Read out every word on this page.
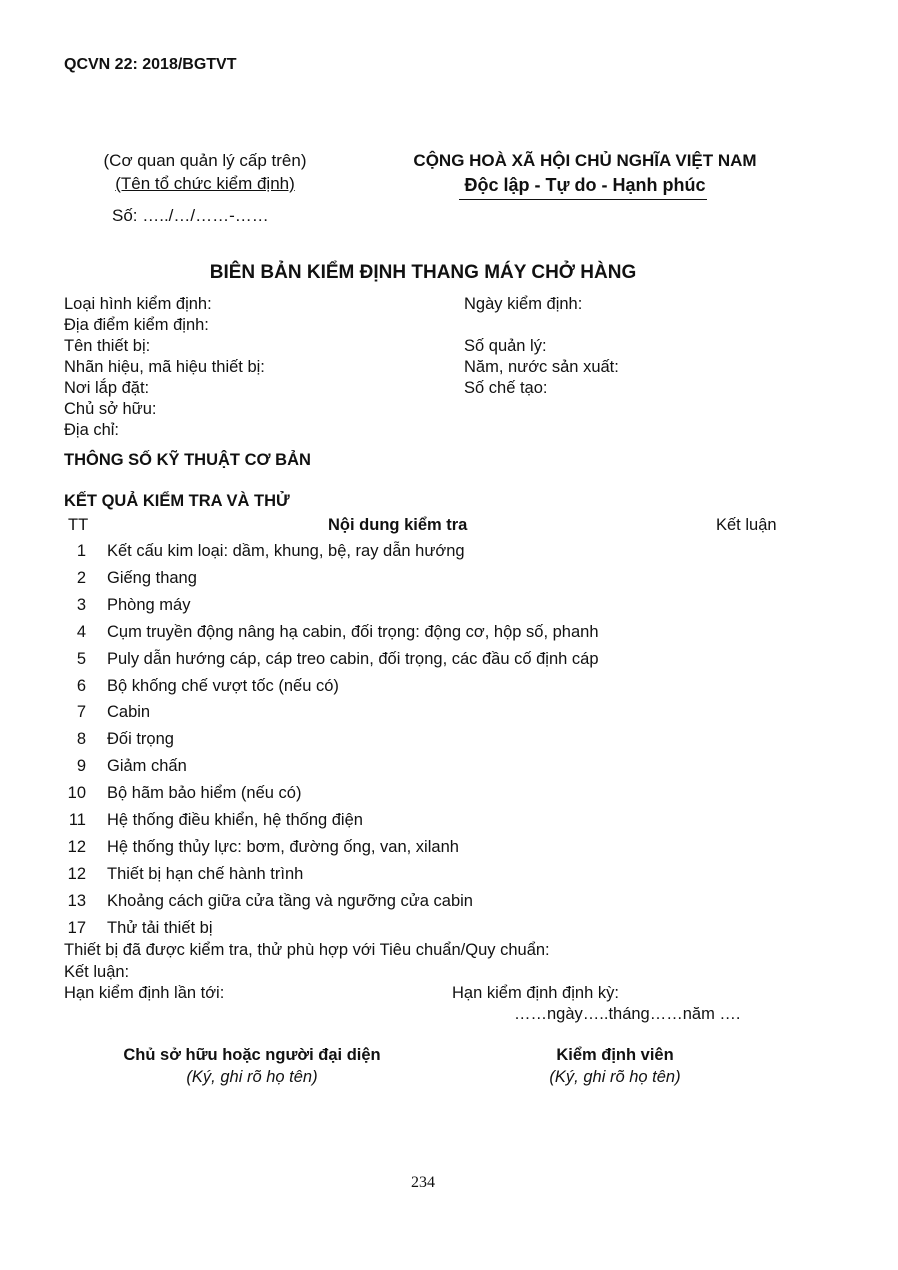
QCVN 22: 2018/BGTVT
(Cơ quan quản lý cấp trên)
(Tên tổ chức kiểm định)
Số: …../…/……-……
CỘNG HOÀ XÃ HỘI CHỦ NGHĨA VIỆT NAM
Độc lập - Tự do - Hạnh phúc
BIÊN BẢN KIỂM ĐỊNH THANG MÁY CHỞ HÀNG
Loại hình kiểm định:	Ngày kiểm định:
Địa điểm kiểm định:
Tên thiết bị:	Số quản lý:
Nhãn hiệu, mã hiệu thiết bị:	Năm, nước sản xuất:
Nơi lắp đặt:	Số chế tạo:
Chủ sở hữu:
Địa chỉ:
THÔNG SỐ KỸ THUẬT CƠ BẢN
KẾT QUẢ KIỂM TRA VÀ THỬ
TT	Nội dung kiểm tra	Kết luận
1 Kết cấu kim loại: dầm, khung, bệ, ray dẫn hướng
2 Giếng thang
3 Phòng máy
4 Cụm truyền động nâng hạ cabin, đối trọng: động cơ, hộp số, phanh
5 Puly dẫn hướng cáp, cáp treo cabin, đối trọng, các đầu cố định cáp
6 Bộ khống chế vượt tốc (nếu có)
7 Cabin
8 Đối trọng
9 Giảm chấn
10 Bộ hãm bảo hiểm (nếu có)
11 Hệ thống điều khiển, hệ thống điện
12 Hệ thống thủy lực: bơm, đường ống, van, xilanh
12 Thiết bị hạn chế hành trình
13 Khoảng cách giữa cửa tầng và ngưỡng cửa cabin
17 Thử tải thiết bị
Thiết bị đã được kiểm tra, thử phù hợp với Tiêu chuẩn/Quy chuẩn:
Kết luận:
Hạn kiểm định lần tới:	Hạn kiểm định định kỳ:
……ngày…..tháng……năm ….
Chủ sở hữu hoặc người đại diện
(Ký, ghi rõ họ tên)
Kiểm định viên
(Ký, ghi rõ họ tên)
234
